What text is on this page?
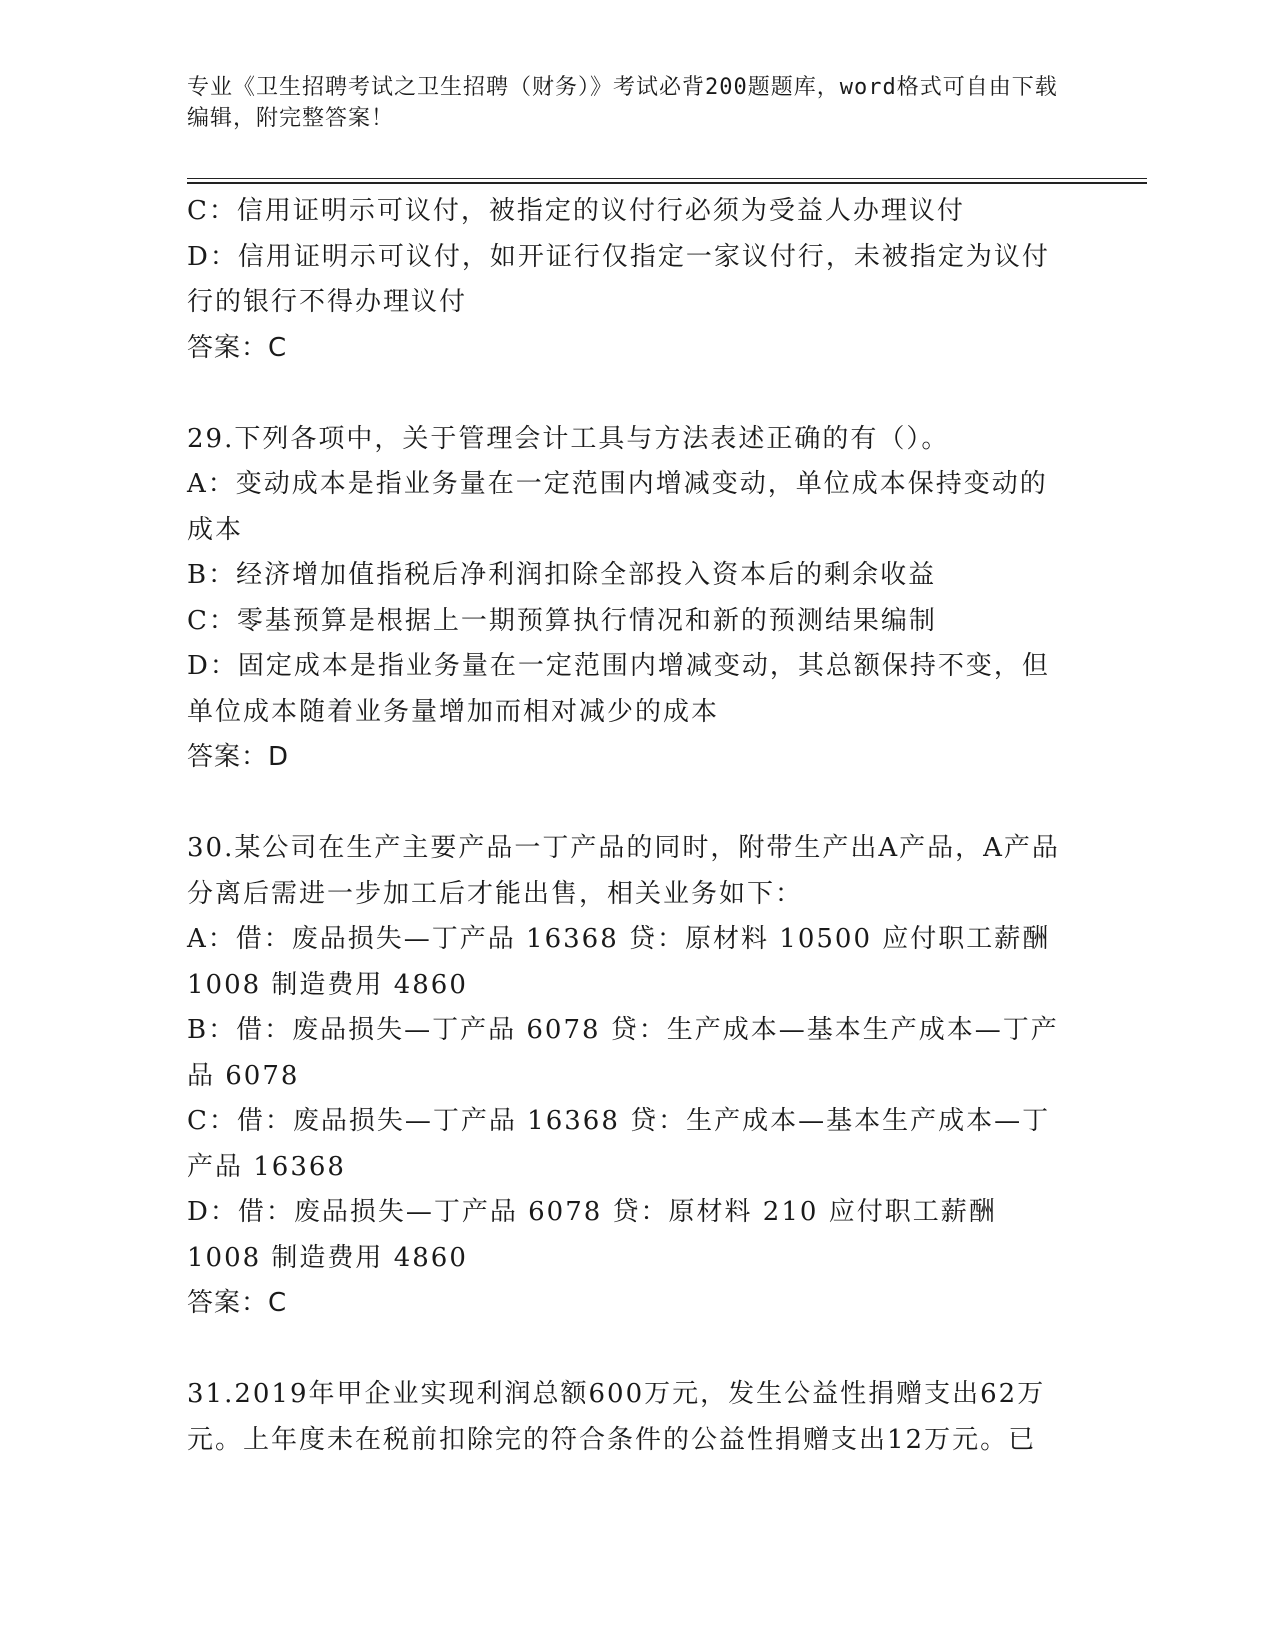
专业《卫生招聘考试之卫生招聘（财务）》考试必背200题题库，word格式可自由下载编辑，附完整答案！
C：信用证明示可议付，被指定的议付行必须为受益人办理议付
D：信用证明示可议付，如开证行仅指定一家议付行，未被指定为议付行的银行不得办理议付
答案：C
29.下列各项中，关于管理会计工具与方法表述正确的有（）。
A：变动成本是指业务量在一定范围内增减变动，单位成本保持变动的成本
B：经济增加值指税后净利润扣除全部投入资本后的剩余收益
C：零基预算是根据上一期预算执行情况和新的预测结果编制
D：固定成本是指业务量在一定范围内增减变动，其总额保持不变，但单位成本随着业务量增加而相对减少的成本
答案：D
30.某公司在生产主要产品一丁产品的同时，附带生产出A产品，A产品分离后需进一步加工后才能出售，相关业务如下：
A：借：废品损失—丁产品 16368 贷：原材料 10500 应付职工薪酬 1008 制造费用 4860
B：借：废品损失—丁产品 6078 贷：生产成本—基本生产成本—丁产品 6078
C：借：废品损失—丁产品 16368 贷：生产成本—基本生产成本—丁产品 16368
D：借：废品损失—丁产品 6078 贷：原材料 210 应付职工薪酬 1008 制造费用 4860
答案：C
31.2019年甲企业实现利润总额600万元，发生公益性捐赠支出62万元。上年度未在税前扣除完的符合条件的公益性捐赠支出12万元。已
